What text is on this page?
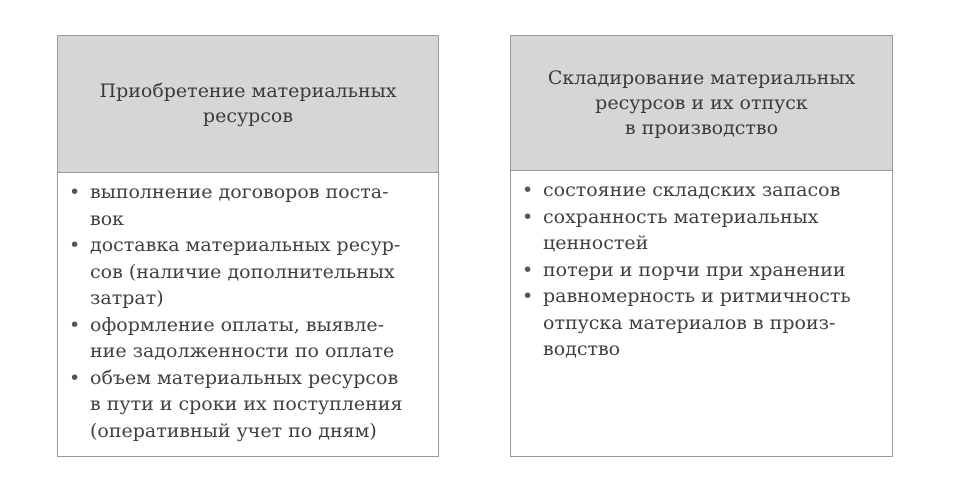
Приобретение материальных
ресурсов
• выполнение договоров поста-
вок
• доставка материальных ресур-
сов (наличие дополнительных
затрат)
• оформление оплаты, выявле-
ние задолженности по оплате
• объем материальных ресурсов
в пути и сроки их поступления
(оперативный учет по дням)
Складирование материальных
ресурсов и их отпуск
в производство
• состояние складских запасов
• сохранность материальных
ценностей
• потери и порчи при хранении
• равномерность и ритмичность
отпуска материалов в произ-
водство
